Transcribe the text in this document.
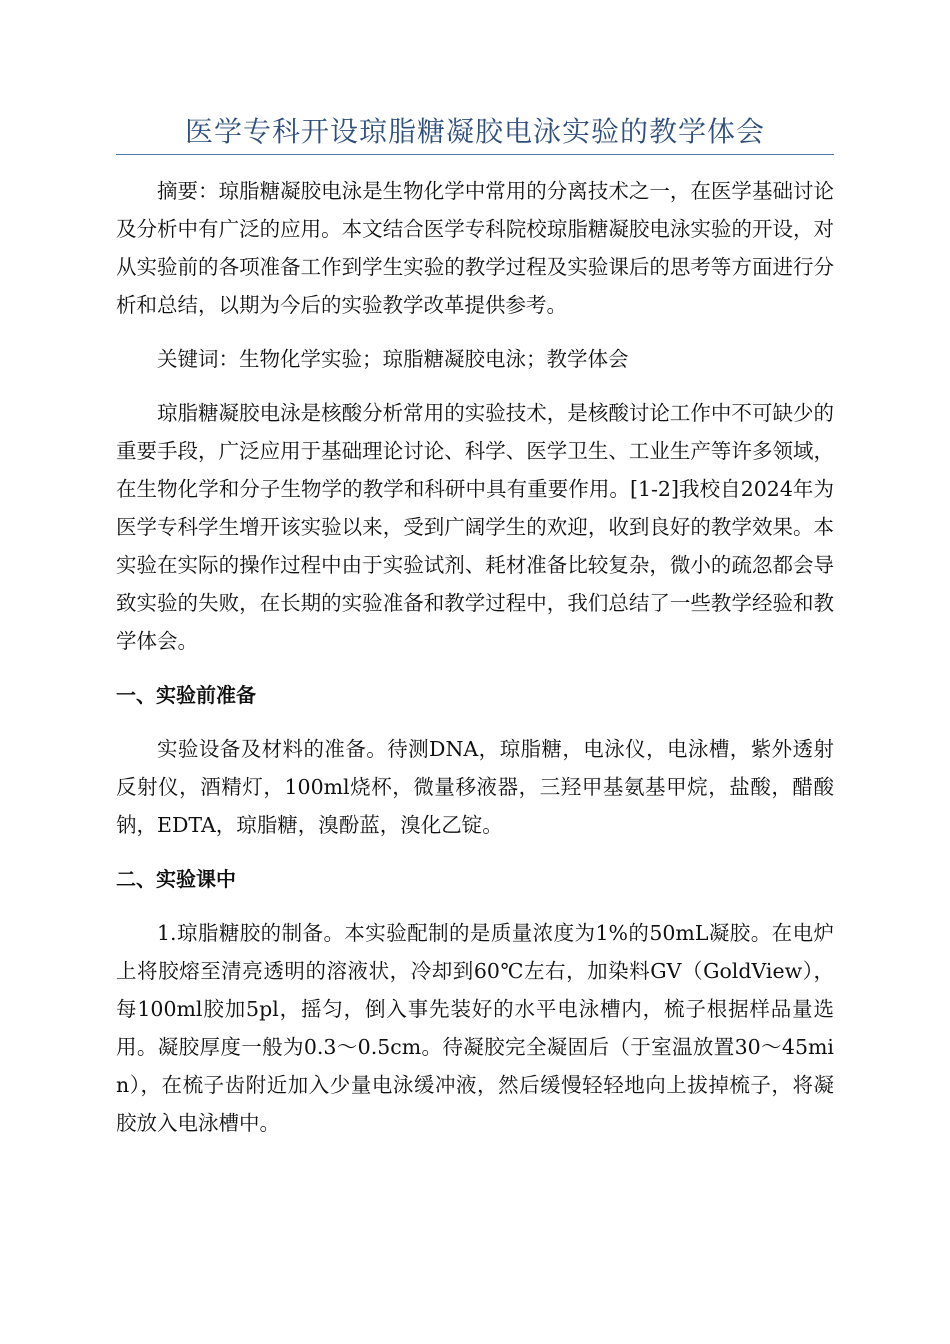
医学专科开设琼脂糖凝胶电泳实验的教学体会

摘要：琼脂糖凝胶电泳是生物化学中常用的分离技术之一，在医学基础讨论及分析中有广泛的应用。本文结合医学专科院校琼脂糖凝胶电泳实验的开设，对从实验前的各项准备工作到学生实验的教学过程及实验课后的思考等方面进行分析和总结，以期为今后的实验教学改革提供参考。

关键词：生物化学实验；琼脂糖凝胶电泳；教学体会

琼脂糖凝胶电泳是核酸分析常用的实验技术，是核酸讨论工作中不可缺少的重要手段，广泛应用于基础理论讨论、科学、医学卫生、工业生产等许多领域，在生物化学和分子生物学的教学和科研中具有重要作用。[1-2]我校自2024年为医学专科学生增开该实验以来，受到广阔学生的欢迎，收到良好的教学效果。本实验在实际的操作过程中由于实验试剂、耗材准备比较复杂，微小的疏忽都会导致实验的失败，在长期的实验准备和教学过程中，我们总结了一些教学经验和教学体会。

一、实验前准备

实验设备及材料的准备。待测DNA，琼脂糖，电泳仪，电泳槽，紫外透射反射仪，酒精灯，100ml烧杯，微量移液器，三羟甲基氨基甲烷，盐酸，醋酸钠，EDTA，琼脂糖，溴酚蓝，溴化乙锭。

二、实验课中

1.琼脂糖胶的制备。本实验配制的是质量浓度为1%的50mL凝胶。在电炉上将胶熔至清亮透明的溶液状，冷却到60℃左右，加染料GV（GoldView），每100ml胶加5pl，摇匀，倒入事先装好的水平电泳槽内，梳子根据样品量选用。凝胶厚度一般为0.3～0.5cm。待凝胶完全凝固后（于室温放置30～45min），在梳子齿附近加入少量电泳缓冲液，然后缓慢轻轻地向上拔掉梳子，将凝胶放入电泳槽中。
